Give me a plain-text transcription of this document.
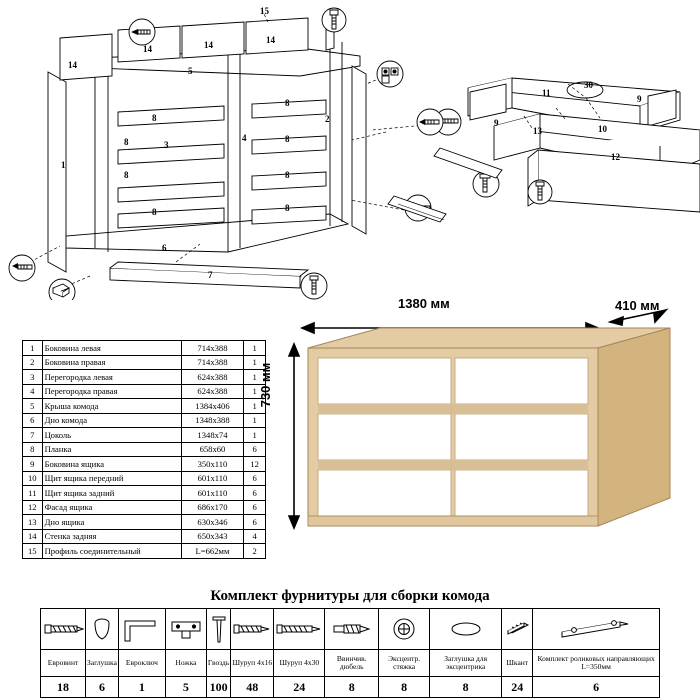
15
14	14	14
14
5
8
8
8
8
8
8
8
8
1
3
4
2
6
7
11
30
9
9
13	10
12
1	Боковина левая	714х388	1
2	Боковина правая	714х388	1
3	Перегородка левая	624х388	1
4	Перегородка правая	624х388	1
5	Крыша комода	1384х406	1
6	Дно комода	1348х388	1
7	Цоколь	1348х74	1
8	Планка	658х60	6
9	Боковина ящика	350х110	12
10	Щит ящика передний	601х110	6
11	Щит ящика задний	601х110	6
12	Фасад ящика	686х170	6
13	Дно ящика	630х346	6
14	Стенка задняя	650х343	4
15	Профиль соединительный	L=662мм	2
1380 мм	410 мм
730 мм
Комплект фурнитуры для сборки комода

Евровинт	Заглушка	Евроключ	Ножка	Гвоздь	Шуруп 4х16	Шуруп 4х30	Ввинчив. дюбель	Эксцентр. стяжка	Заглушка для эксцентрика	Шкант	Комплект роликовых направляющих L=350мм
18	6	1	5	100	48	24	8	8	8	24	6
